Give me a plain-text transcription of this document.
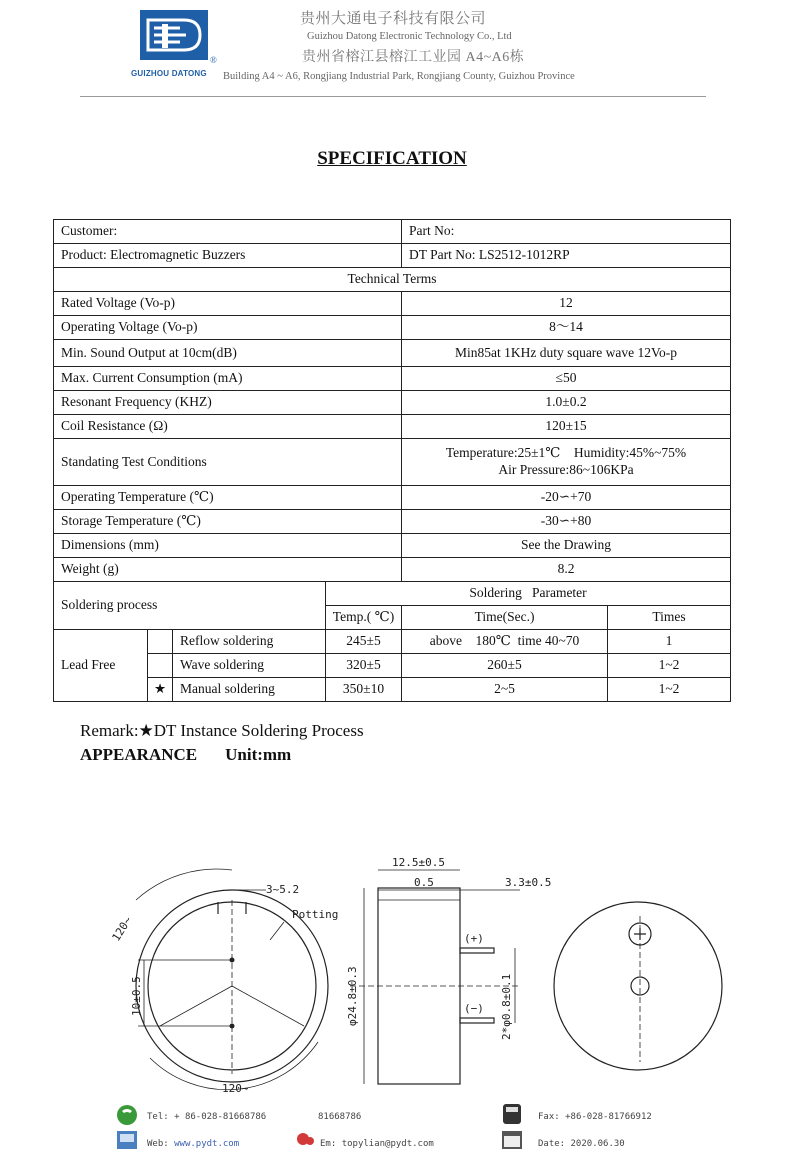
®
GUIZHOU DATONG
贵州大通电子科技有限公司
Guizhou Datong Electronic Technology Co., Ltd
贵州省榕江县榕江工业园 A4~A6栋
Building A4 ~ A6, Rongjiang Industrial Park, Rongjiang County, Guizhou Province
SPECIFICATION
Customer:				Part No:	
Product: Electromagnetic Buzzers				DT Part No: LS2512-1012RP	
Technical Terms					
Rated Voltage (Vo-p)				12	
Operating Voltage (Vo-p)				8～14	
Min. Sound Output at 10cm(dB)				Min85at 1KHz duty square wave 12Vo-p	
Max. Current Consumption (mA)				≤50	
Resonant Frequency (KHZ)				1.0±0.2	
Coil Resistance (Ω)				120±15	
Standating Test Conditions				Temperature:25±1℃    Humidity:45%~75%
Air Pressure:86~106KPa	

Operating Temperature (℃)				-20∽+70	
Storage Temperature (℃)				-30∽+80	
Dimensions (mm)				See the Drawing	
Weight (g)				8.2	
Soldering process			Soldering   Parameter		
			Temp.( ℃)	Time(Sec.)	Times
Lead Free		Reflow soldering	245±5	above    180℃  time 40~70	1
		Wave soldering	320±5	260±5	1~2
	★	Manual soldering	350±10	2~5	1~2
Remark:★DT Instance Soldering Process
APPEARANCE Unit:mm
3~5.2
Potting
120~
120~
10±0.5	φ24.8±0.3
12.5±0.5
0.5	3.3±0.5
(+)
(−) 2*φ0.8±0.1
Tel: + 86-028-81668786	81668786
Web: www.pydt.com	Em: topylian@pydt.com
Fax: +86-028-81766912
Date: 2020.06.30
